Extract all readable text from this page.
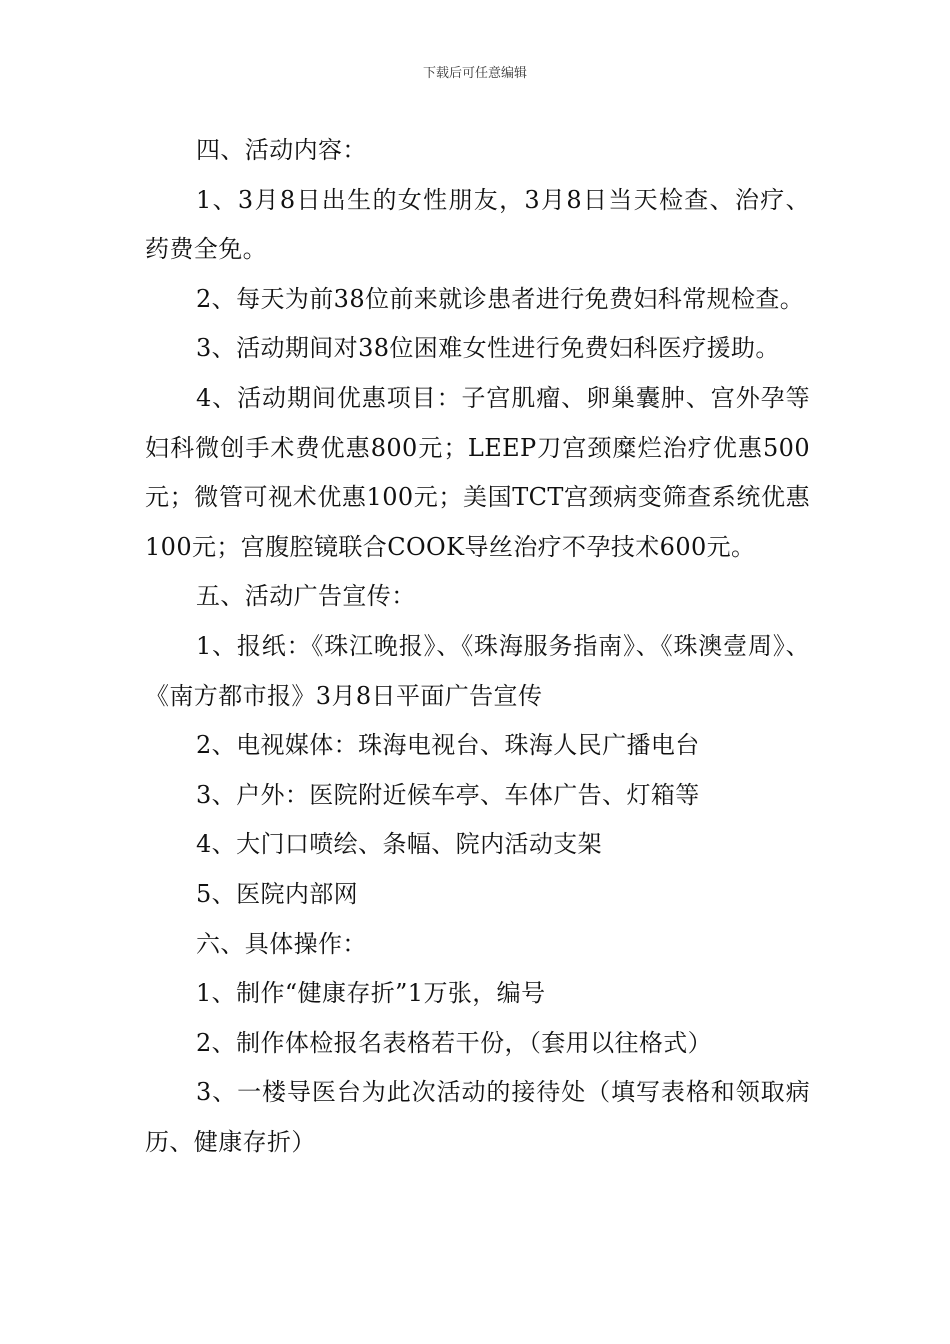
下载后可任意编辑

四、活动内容：

1、3月8日出生的女性朋友，3月8日当天检查、治疗、药费全免。

2、每天为前38位前来就诊患者进行免费妇科常规检查。

3、活动期间对38位困难女性进行免费妇科医疗援助。

4、活动期间优惠项目：子宫肌瘤、卵巢囊肿、宫外孕等妇科微创手术费优惠800元；LEEP刀宫颈糜烂治疗优惠500元；微管可视术优惠100元；美国TCT宫颈病变筛查系统优惠100元；宫腹腔镜联合COOK导丝治疗不孕技术600元。

五、活动广告宣传：

1、报纸：《珠江晚报》、《珠海服务指南》、《珠澳壹周》、《南方都市报》3月8日平面广告宣传

2、电视媒体：珠海电视台、珠海人民广播电台

3、户外：医院附近候车亭、车体广告、灯箱等

4、大门口喷绘、条幅、院内活动支架

5、医院内部网

六、具体操作：

1、制作“健康存折”1万张，编号

2、制作体检报名表格若干份，（套用以往格式）

3、一楼导医台为此次活动的接待处（填写表格和领取病历、健康存折）
